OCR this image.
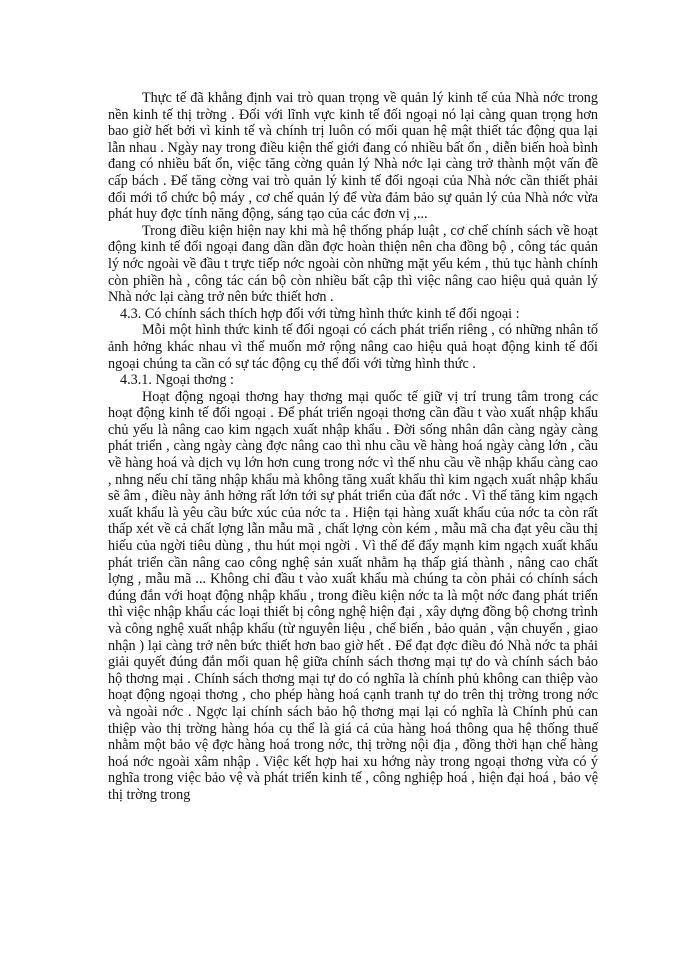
Thực tế đã khẳng định vai trò quan trọng về quản lý kinh tế của Nhà nớc trong nền kinh tế thị trờng . Đối với lĩnh vực kinh tế đối ngoại nó lại càng quan trọng hơn bao giờ hết bởi vì kinh tế và chính trị luôn có mối quan hệ mật thiết tác động qua lại lẫn nhau . Ngày nay trong điều kiện thế giới đang có nhiều bất ổn , diễn biến hoà bình đang có nhiều bất ổn, việc tăng cờng quản lý Nhà nớc lại càng trở thành một vấn đề cấp bách . Để tăng cờng vai trò quản lý kinh tế đối ngoại của Nhà nớc cần thiết phải đổi mới tổ chức bộ máy , cơ chế quản lý để vừa đảm bảo sự quản lý của Nhà nớc vừa phát huy đợc tính năng động, sáng tạo của các đơn vị ,...

Trong điều kiện hiện nay khi mà hệ thống pháp luật , cơ chế chính sách về hoạt động kinh tế đối ngoại đang dần dần đợc hoàn thiện nên cha đồng bộ , công tác quản lý nớc ngoài về đầu t trực tiếp nớc ngoài còn những mặt yếu kém , thủ tục hành chính còn phiền hà , công tác cán bộ còn nhiều bất cập thì việc nâng cao hiệu quả quản lý Nhà nớc lại càng trở nên bức thiết hơn .

4.3. Có chính sách thích hợp đối với từng hình thức kinh tế đối ngoại :

Mỗi một hình thức kinh tế đối ngoại có cách phát triển riêng , có những nhân tố ảnh hởng khác nhau vì thế muốn mở rộng nâng cao hiệu quả hoạt động kinh tế đối ngoại chúng ta cần có sự tác động cụ thể đối với từng hình thức .

4.3.1. Ngoại thơng :

Hoạt động ngoại thơng hay thơng mại quốc tế giữ vị trí trung tâm trong các hoạt động kinh tế đối ngoại . Để phát triển ngoại thơng cần đầu t vào xuất nhập khẩu chủ yếu là nâng cao kim ngạch xuất nhập khẩu . Đời sống nhân dân càng ngày càng phát triển , càng ngày càng đợc nâng cao thì nhu cầu về hàng hoá ngày càng lớn , cầu về hàng hoá và dịch vụ lớn hơn cung trong nớc vì thế nhu cầu về nhập khẩu càng cao , nhng nếu chỉ tăng nhập khẩu mà không tăng xuất khẩu thì kim ngạch xuất nhập khẩu sẽ âm , điều này ảnh hởng rất lớn tới sự phát triển của đất nớc . Vì thế tăng kim ngạch xuất khẩu là yêu cầu bức xúc của nớc ta . Hiện tại hàng xuất khẩu của nớc ta còn rất thấp xét về cả chất lợng lẫn mẫu mã , chất lợng còn kém , mẫu mã cha đạt yêu cầu thị hiếu của ngời tiêu dùng , thu hút mọi ngời . Vì thế để đẩy mạnh kim ngạch xuất khẩu phát triển cần nâng cao công nghệ sản xuất nhằm hạ thấp giá thành , nâng cao chất lợng , mẫu mã ... Không chỉ đầu t vào xuất khẩu mà chúng ta còn phải có chính sách đúng đắn với hoạt động nhập khẩu , trong điều kiện nớc ta là một nớc đang phát triển thì việc nhập khẩu các loại thiết bị công nghệ hiện đại , xây dựng đồng bộ chơng trình và công nghệ xuất nhập khẩu (từ nguyên liệu , chế biến , bảo quản , vận chuyển , giao nhận ) lại càng trở nên bức thiết hơn bao giờ hết . Để đạt đợc điều đó Nhà nớc ta phải giải quyết đúng đắn mối quan hệ giữa chính sách thơng mại tự do và chính sách bảo hộ thơng mại . Chính sách thơng mại tự do có nghĩa là chính phủ không can thiệp vào hoạt động ngoại thơng , cho phép hàng hoá cạnh tranh tự do trên thị trờng trong nớc và ngoài nớc . Ngợc lại chính sách bảo hộ thơng mại lại có nghĩa là Chính phủ can thiệp vào thị trờng hàng hóa cụ thể là giá cả của hàng hoá thông qua hệ thống thuế nhằm một bảo vệ đợc hàng hoá trong nớc, thị trờng nội địa , đồng thời hạn chế hàng hoá nớc ngoài xâm nhập . Việc kết hợp hai xu hớng này trong ngoại thơng vừa có ý nghĩa trong việc bảo vệ và phát triển kinh tế , công nghiệp hoá , hiện đại hoá , bảo vệ thị trờng trong
